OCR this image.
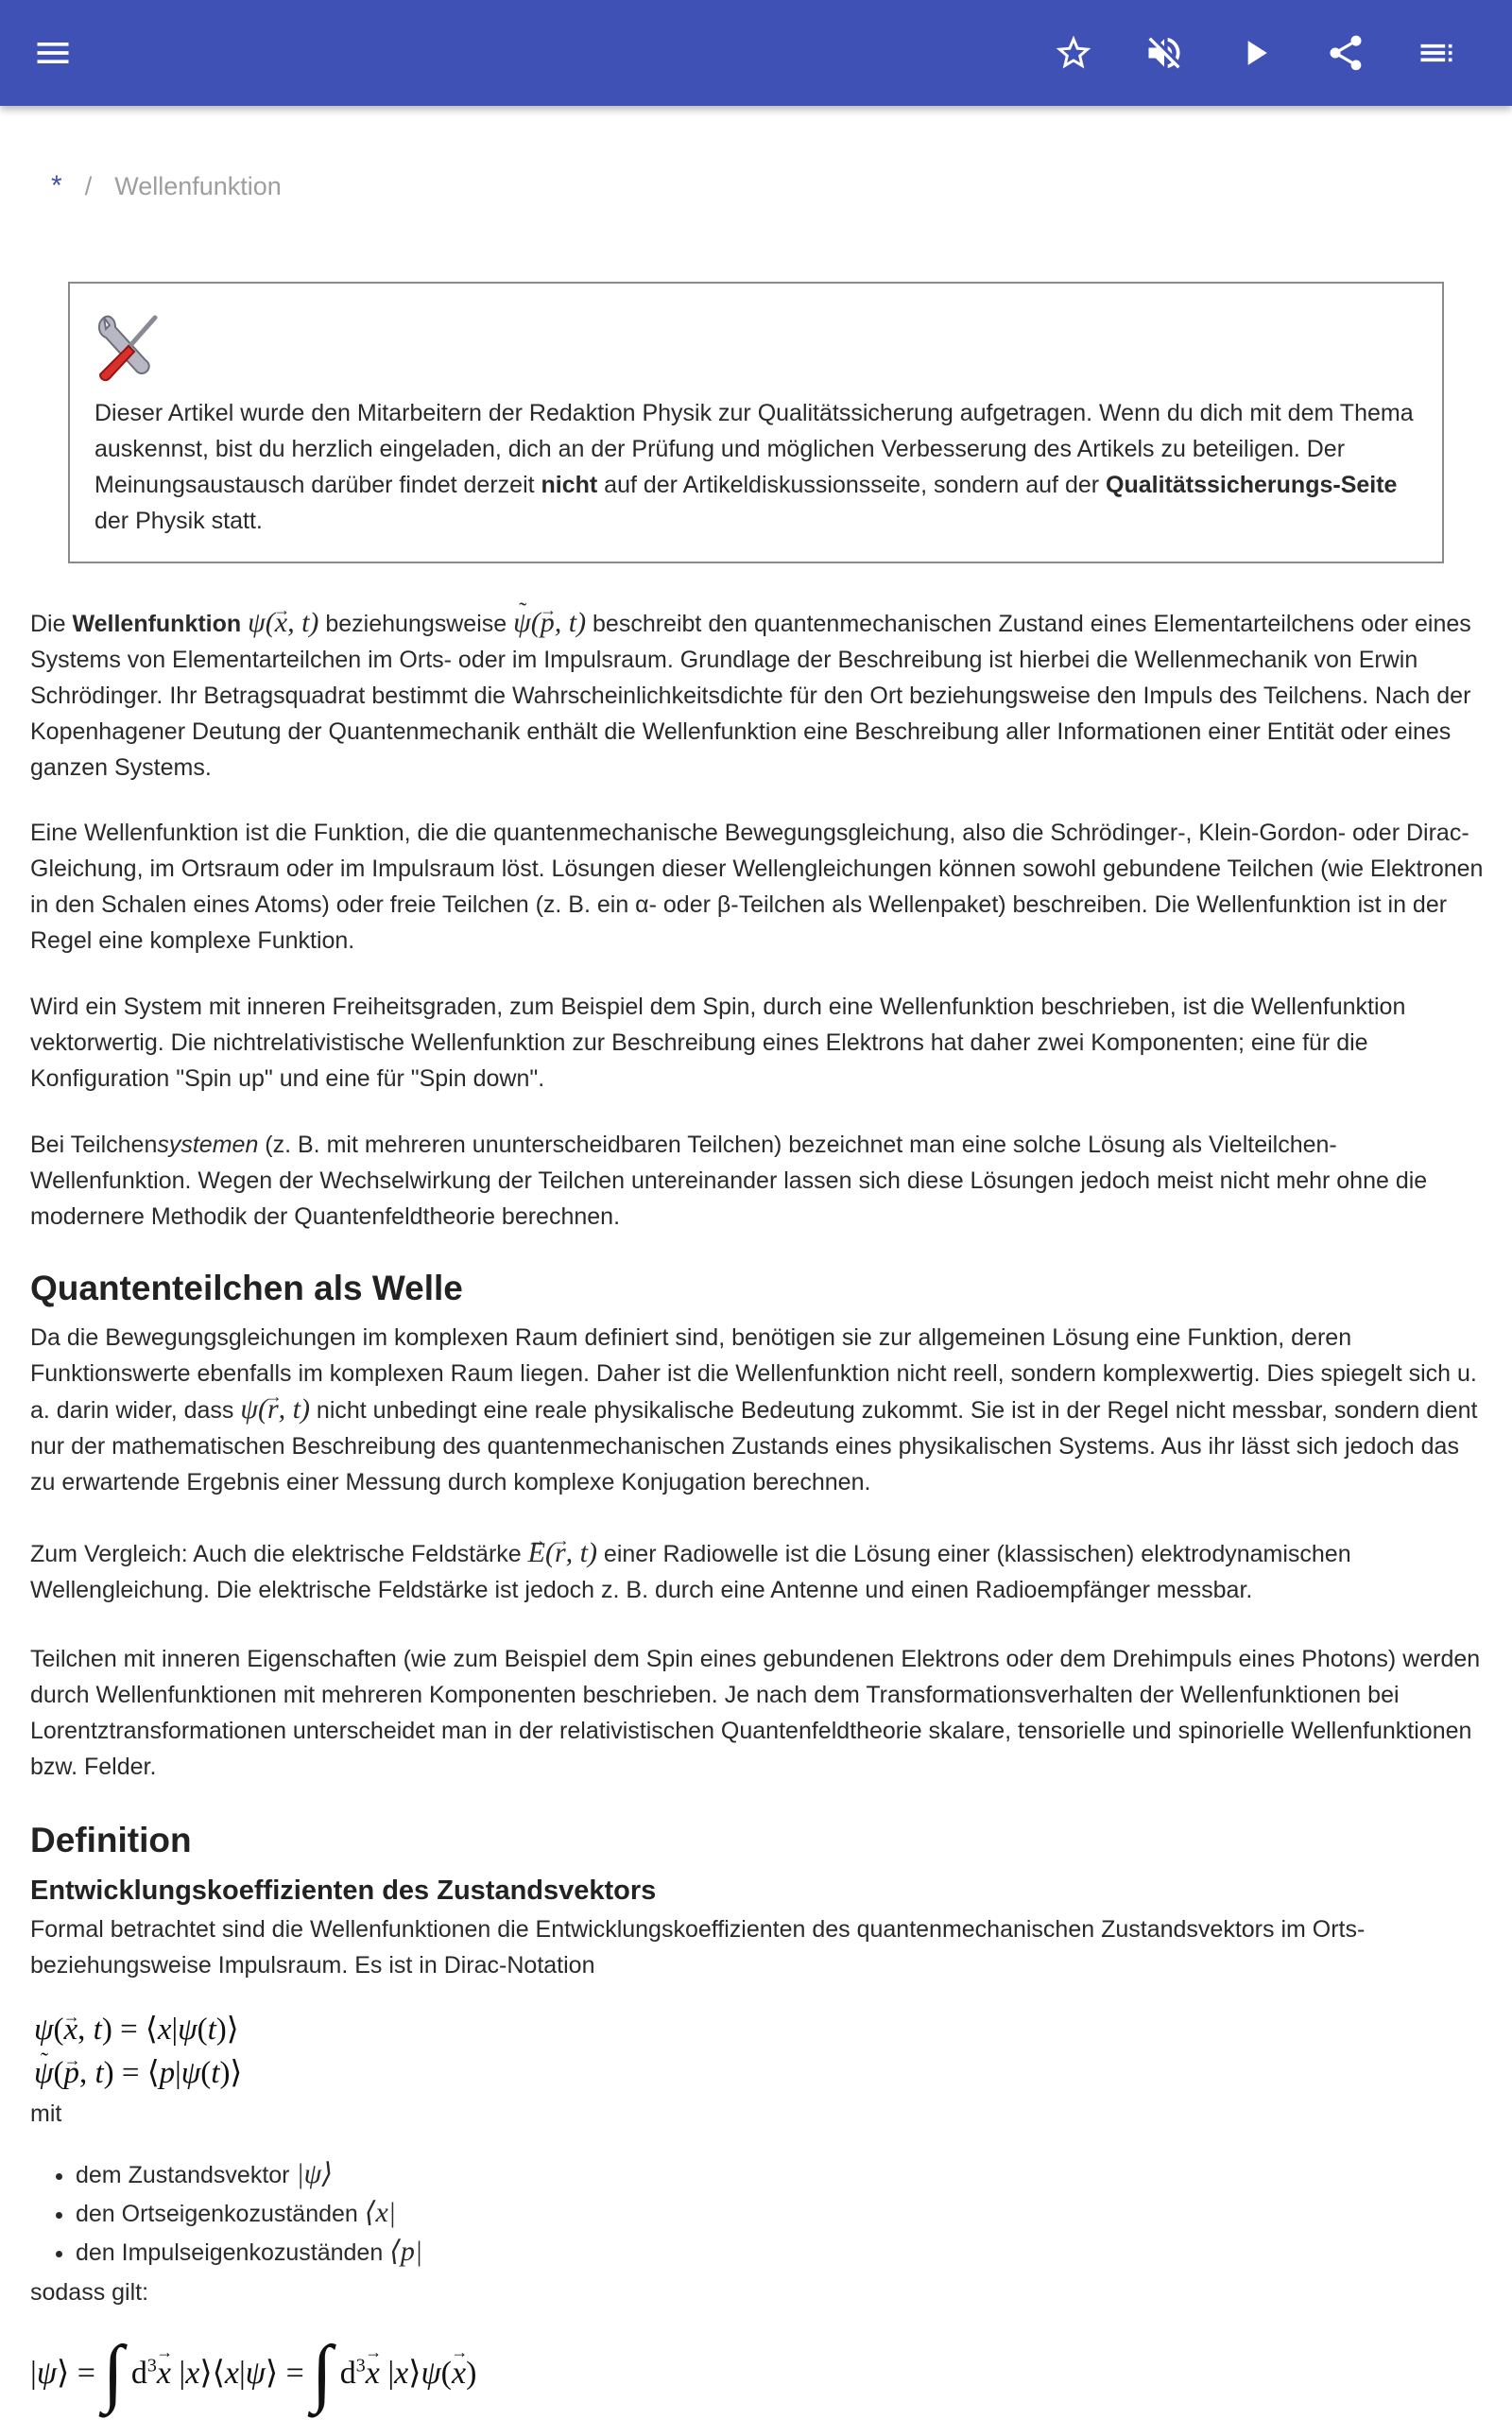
* / Wellenfunktion

Dieser Artikel wurde den Mitarbeitern der Redaktion Physik zur Qualitätssicherung aufgetragen. Wenn du dich mit dem Thema auskennst, bist du herzlich eingeladen, dich an der Prüfung und möglichen Verbesserung des Artikels zu beteiligen. Der Meinungsaustausch darüber findet derzeit nicht auf der Artikeldiskussionsseite, sondern auf der Qualitätssicherungs-Seite der Physik statt.

Die Wellenfunktion ψ(→ x, t) beziehungsweise ˜ ψ(→ p, t) beschreibt den quantenmechanischen Zustand eines Elementarteilchens oder eines Systems von Elementarteilchen im Orts- oder im Impulsraum. Grundlage der Beschreibung ist hierbei die Wellenmechanik von Erwin Schrödinger. Ihr Betragsquadrat bestimmt die Wahrscheinlichkeitsdichte für den Ort beziehungsweise den Impuls des Teilchens. Nach der Kopenhagener Deutung der Quantenmechanik enthält die Wellenfunktion eine Beschreibung aller Informationen einer Entität oder eines ganzen Systems.

Eine Wellenfunktion ist die Funktion, die die quantenmechanische Bewegungsgleichung, also die Schrödinger-, Klein-Gordon- oder Dirac-Gleichung, im Ortsraum oder im Impulsraum löst. Lösungen dieser Wellengleichungen können sowohl gebundene Teilchen (wie Elektronen in den Schalen eines Atoms) oder freie Teilchen (z. B. ein α- oder β-Teilchen als Wellenpaket) beschreiben. Die Wellenfunktion ist in der Regel eine komplexe Funktion.

Wird ein System mit inneren Freiheitsgraden, zum Beispiel dem Spin, durch eine Wellenfunktion beschrieben, ist die Wellenfunktion vektorwertig. Die nichtrelativistische Wellenfunktion zur Beschreibung eines Elektrons hat daher zwei Komponenten; eine für die Konfiguration "Spin up" und eine für "Spin down".

Bei Teilchensystemen (z. B. mit mehreren ununterscheidbaren Teilchen) bezeichnet man eine solche Lösung als Vielteilchen-Wellenfunktion. Wegen der Wechselwirkung der Teilchen untereinander lassen sich diese Lösungen jedoch meist nicht mehr ohne die modernere Methodik der Quantenfeldtheorie berechnen.

Quantenteilchen als Welle

Da die Bewegungsgleichungen im komplexen Raum definiert sind, benötigen sie zur allgemeinen Lösung eine Funktion, deren Funktionswerte ebenfalls im komplexen Raum liegen. Daher ist die Wellenfunktion nicht reell, sondern komplexwertig. Dies spiegelt sich u. a. darin wider, dass ψ(→ r, t) nicht unbedingt eine reale physikalische Bedeutung zukommt. Sie ist in der Regel nicht messbar, sondern dient nur der mathematischen Beschreibung des quantenmechanischen Zustands eines physikalischen Systems. Aus ihr lässt sich jedoch das zu erwartende Ergebnis einer Messung durch komplexe Konjugation berechnen.

Zum Vergleich: Auch die elektrische Feldstärke → E(→ r, t) einer Radiowelle ist die Lösung einer (klassischen) elektrodynamischen Wellengleichung. Die elektrische Feldstärke ist jedoch z. B. durch eine Antenne und einen Radioempfänger messbar.

Teilchen mit inneren Eigenschaften (wie zum Beispiel dem Spin eines gebundenen Elektrons oder dem Drehimpuls eines Photons) werden durch Wellenfunktionen mit mehreren Komponenten beschrieben. Je nach dem Transformationsverhalten der Wellenfunktionen bei Lorentztransformationen unterscheidet man in der relativistischen Quantenfeldtheorie skalare, tensorielle und spinorielle Wellenfunktionen bzw. Felder.

Definition
Entwicklungskoeffizienten des Zustandsvektors

Formal betrachtet sind die Wellenfunktionen die Entwicklungskoeffizienten des quantenmechanischen Zustandsvektors im Orts- beziehungsweise Impulsraum. Es ist in Dirac-Notation

ψ(→ x, t) = ⟨x|ψ(t)⟩
˜ ψ(→ p, t) = ⟨p|ψ(t)⟩

mit

• dem Zustandsvektor |ψ⟩
• den Ortseigenkozuständen ⟨x|
• den Impulseigenkozuständen ⟨p|

sodass gilt:

|ψ⟩ = ∫ $d^3\to x$ |x⟩⟨x|ψ⟩ = ∫ $d^3\to x$ |x⟩ψ(→ x)
